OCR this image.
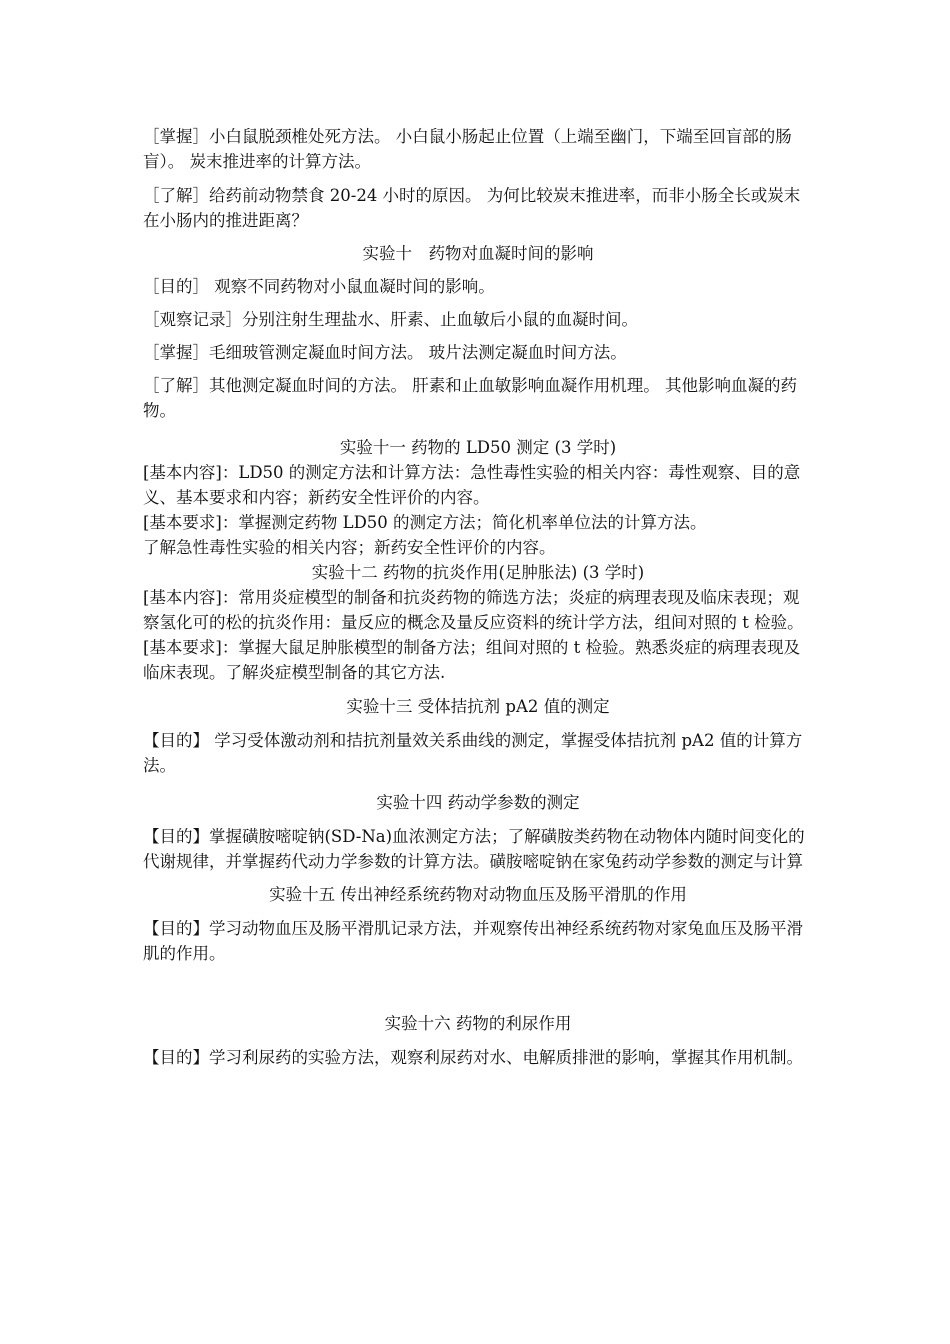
［掌握］小白鼠脱颈椎处死方法。 小白鼠小肠起止位置（上端至幽门，下端至回盲部的肠盲）。 炭末推进率的计算方法。
［了解］给药前动物禁食 20-24 小时的原因。 为何比较炭末推进率，而非小肠全长或炭末在小肠内的推进距离？
实验十　药物对血凝时间的影响
［目的］ 观察不同药物对小鼠血凝时间的影响。
［观察记录］分别注射生理盐水、肝素、止血敏后小鼠的血凝时间。
［掌握］毛细玻管测定凝血时间方法。 玻片法测定凝血时间方法。
［了解］其他测定凝血时间的方法。 肝素和止血敏影响血凝作用机理。 其他影响血凝的药物。
实验十一 药物的 LD50 测定 (3 学时)
[基本内容]：LD50 的测定方法和计算方法：急性毒性实验的相关内容：毒性观察、目的意义、基本要求和内容；新药安全性评价的内容。
[基本要求]：掌握测定药物 LD50 的测定方法；简化机率单位法的计算方法。
了解急性毒性实验的相关内容；新药安全性评价的内容。
实验十二 药物的抗炎作用(足肿胀法) (3 学时)
[基本内容]：常用炎症模型的制备和抗炎药物的筛选方法；炎症的病理表现及临床表现；观察氢化可的松的抗炎作用：量反应的概念及量反应资料的统计学方法，组间对照的 t 检验。
[基本要求]：掌握大鼠足肿胀模型的制备方法；组间对照的 t 检验。熟悉炎症的病理表现及临床表现。了解炎症模型制备的其它方法.
实验十三 受体拮抗剂 pA2 值的测定
【目的】 学习受体激动剂和拮抗剂量效关系曲线的测定，掌握受体拮抗剂 pA2 值的计算方法。
实验十四 药动学参数的测定
【目的】掌握磺胺嘧啶钠(SD-Na)血浓测定方法；了解磺胺类药物在动物体内随时间变化的代谢规律，并掌握药代动力学参数的计算方法。磺胺嘧啶钠在家兔药动学参数的测定与计算
实验十五 传出神经系统药物对动物血压及肠平滑肌的作用
【目的】学习动物血压及肠平滑肌记录方法，并观察传出神经系统药物对家兔血压及肠平滑肌的作用。
实验十六 药物的利尿作用
【目的】学习利尿药的实验方法，观察利尿药对水、电解质排泄的影响，掌握其作用机制。
